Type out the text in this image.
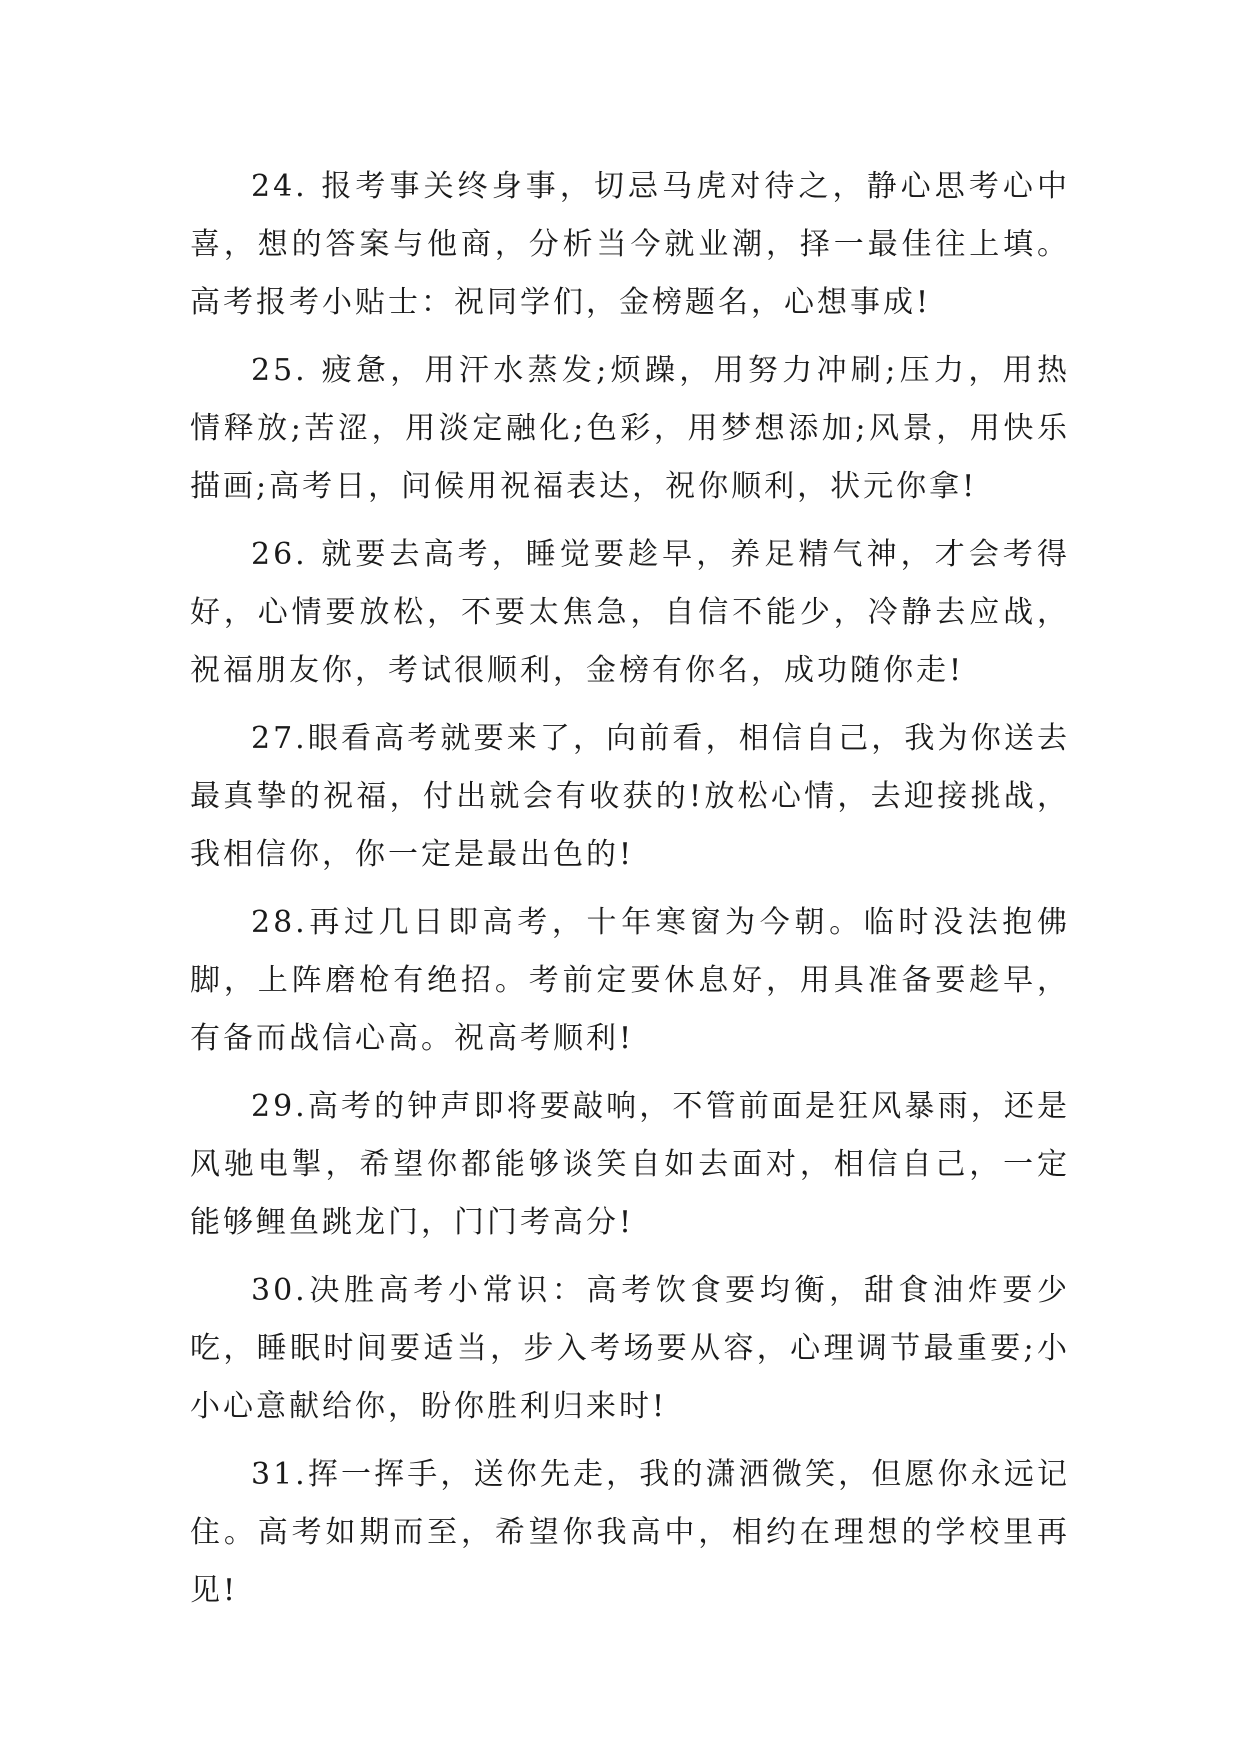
24. 报考事关终身事，切忌马虎对待之，静心思考心中喜，想的答案与他商，分析当今就业潮，择一最佳往上填。高考报考小贴士：祝同学们，金榜题名，心想事成!

25. 疲惫，用汗水蒸发;烦躁，用努力冲刷;压力，用热情释放;苦涩，用淡定融化;色彩，用梦想添加;风景，用快乐描画;高考日，问候用祝福表达，祝你顺利，状元你拿!

26. 就要去高考，睡觉要趁早，养足精气神，才会考得好，心情要放松，不要太焦急，自信不能少，冷静去应战，祝福朋友你，考试很顺利，金榜有你名，成功随你走!

27.眼看高考就要来了，向前看，相信自己，我为你送去最真挚的祝福，付出就会有收获的!放松心情，去迎接挑战，我相信你，你一定是最出色的!

28.再过几日即高考，十年寒窗为今朝。临时没法抱佛脚，上阵磨枪有绝招。考前定要休息好，用具准备要趁早，有备而战信心高。祝高考顺利!

29.高考的钟声即将要敲响，不管前面是狂风暴雨，还是风驰电掣，希望你都能够谈笑自如去面对，相信自己，一定能够鲤鱼跳龙门，门门考高分!

30.决胜高考小常识：高考饮食要均衡，甜食油炸要少吃，睡眠时间要适当，步入考场要从容，心理调节最重要;小小心意献给你，盼你胜利归来时!

31.挥一挥手，送你先走，我的潇洒微笑，但愿你永远记住。高考如期而至，希望你我高中，相约在理想的学校里再见!
